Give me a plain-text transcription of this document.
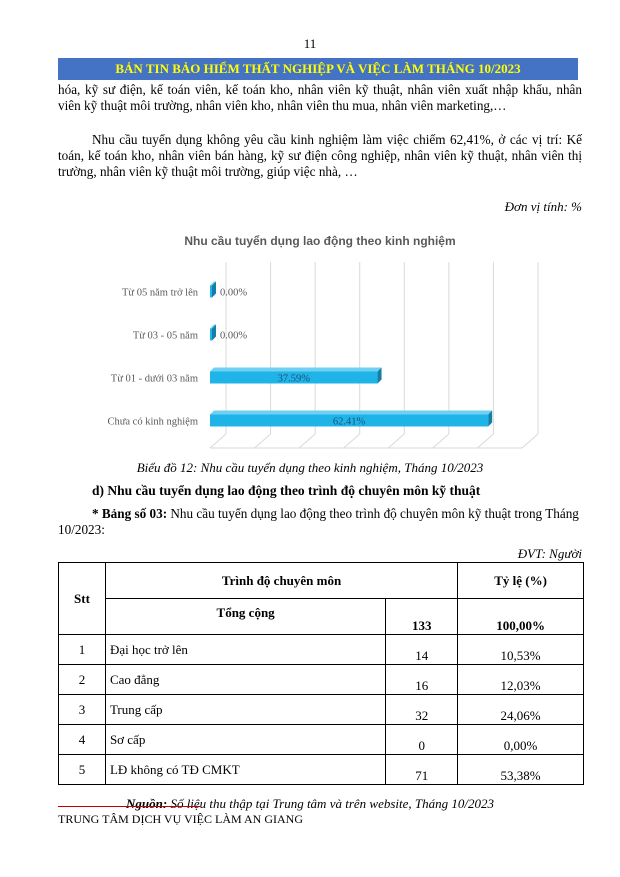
11
BẢN TIN BẢO HIỂM THẤT NGHIỆP VÀ VIỆC LÀM THÁNG 10/2023
hóa, kỹ sư điện, kế toán viên, kế toán kho, nhân viên kỹ thuật, nhân viên xuất nhập khẩu, nhân viên kỹ thuật môi trường, nhân viên kho, nhân viên thu mua, nhân viên marketing,…
Nhu cầu tuyển dụng không yêu cầu kinh nghiệm làm việc chiếm 62,41%, ở các vị trí: Kế toán, kế toán kho, nhân viên bán hàng, kỹ sư điện công nghiệp, nhân viên kỹ thuật, nhân viên thị trường, nhân viên kỹ thuật môi trường, giúp việc nhà, …
Đơn vị tính: %
Nhu cầu tuyển dụng lao động theo kinh nghiệm
Từ 05 năm trở lên
Từ 03 - 05 năm
Từ 01 - dưới 03 năm
Chưa có kinh nghiệm
0.00%
0.00%
37.59%
62.41%
Biểu đồ 12: Nhu cầu tuyển dụng theo kinh nghiệm, Tháng 10/2023
d) Nhu cầu tuyển dụng lao động theo trình độ chuyên môn kỹ thuật
* Bảng số 03: Nhu cầu tuyển dụng lao động theo trình độ chuyên môn kỹ thuật trong Tháng 10/2023:
ĐVT: Người
Stt	Trình độ chuyên môn		Tỷ lệ (%)
	Tổng cộng	133	100,00%
1	Đại học trở lên	14	10,53%
2	Cao đẳng	16	12,03%
3	Trung cấp	32	24,06%
4	Sơ cấp	0	0,00%
5	LĐ không có TĐ CMKT	71	53,38%
Nguồn: Số liệu thu thập tại Trung tâm và trên website, Tháng 10/2023
TRUNG TÂM DỊCH VỤ VIỆC LÀM AN GIANG
